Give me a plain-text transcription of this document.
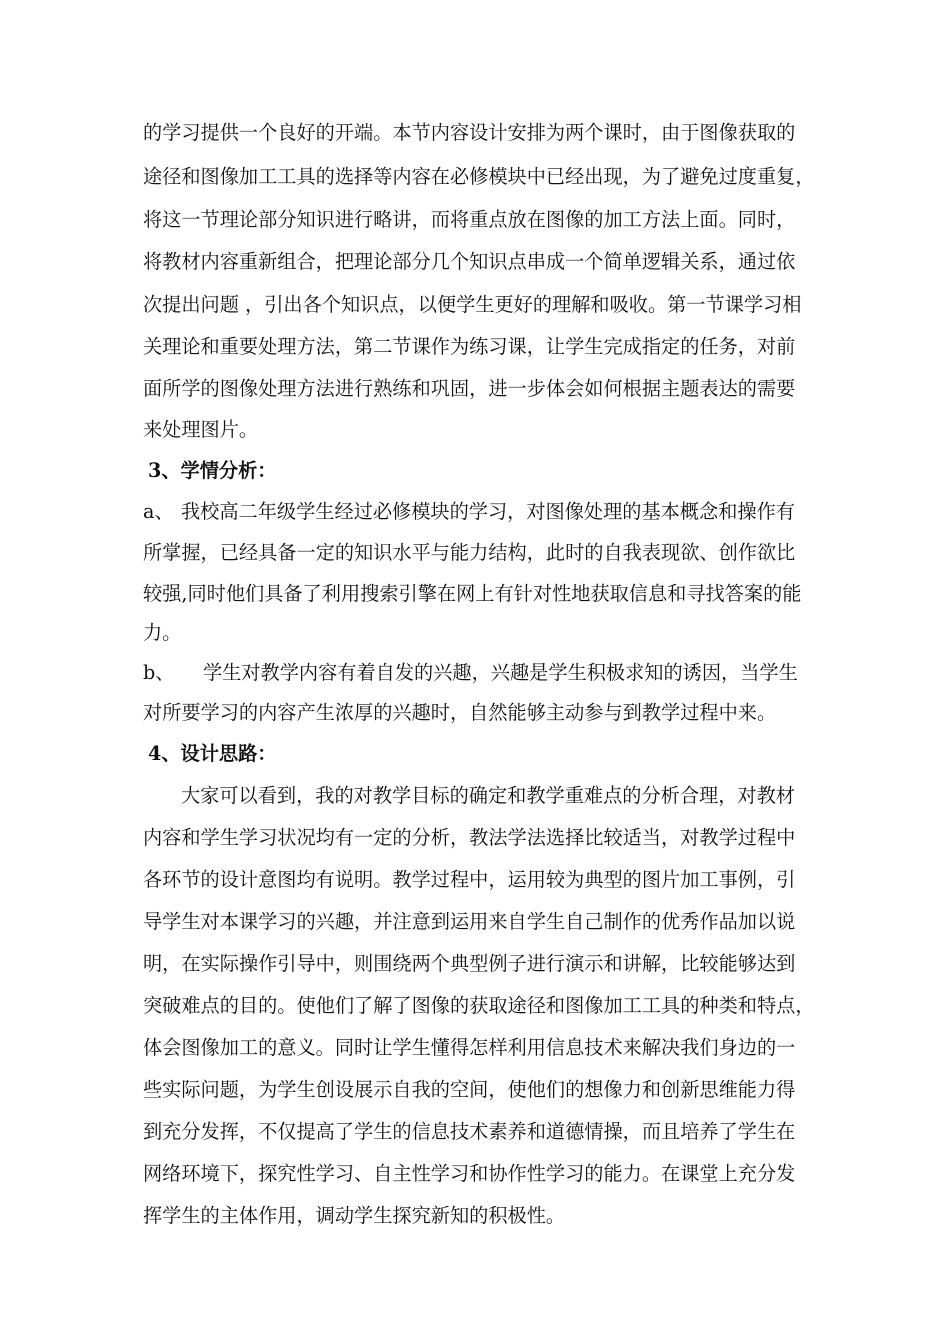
的学习提供一个良好的开端。本节内容设计安排为两个课时，由于图像获取的
途径和图像加工工具的选择等内容在必修模块中已经出现，为了避免过度重复，
将这一节理论部分知识进行略讲，而将重点放在图像的加工方法上面。同时，
将教材内容重新组合，把理论部分几个知识点串成一个简单逻辑关系，通过依
次提出问题 ，引出各个知识点，以便学生更好的理解和吸收。第一节课学习相
关理论和重要处理方法，第二节课作为练习课，让学生完成指定的任务，对前
面所学的图像处理方法进行熟练和巩固，进一步体会如何根据主题表达的需要
来处理图片。
3、学情分析：
a、 我校高二年级学生经过必修模块的学习，对图像处理的基本概念和操作有
所掌握，已经具备一定的知识水平与能力结构，此时的自我表现欲、创作欲比
较强,同时他们具备了利用搜索引擎在网上有针对性地获取信息和寻找答案的能
力。
b、 学生对教学内容有着自发的兴趣，兴趣是学生积极求知的诱因，当学生
对所要学习的内容产生浓厚的兴趣时，自然能够主动参与到教学过程中来。
4、设计思路：
大家可以看到，我的对教学目标的确定和教学重难点的分析合理，对教材
内容和学生学习状况均有一定的分析，教法学法选择比较适当，对教学过程中
各环节的设计意图均有说明。教学过程中，运用较为典型的图片加工事例，引
导学生对本课学习的兴趣，并注意到运用来自学生自己制作的优秀作品加以说
明，在实际操作引导中，则围绕两个典型例子进行演示和讲解，比较能够达到
突破难点的目的。使他们了解了图像的获取途径和图像加工工具的种类和特点，
体会图像加工的意义。同时让学生懂得怎样利用信息技术来解决我们身边的一
些实际问题，为学生创设展示自我的空间，使他们的想像力和创新思维能力得
到充分发挥，不仅提高了学生的信息技术素养和道德情操，而且培养了学生在
网络环境下，探究性学习、自主性学习和协作性学习的能力。在课堂上充分发
挥学生的主体作用，调动学生探究新知的积极性。
